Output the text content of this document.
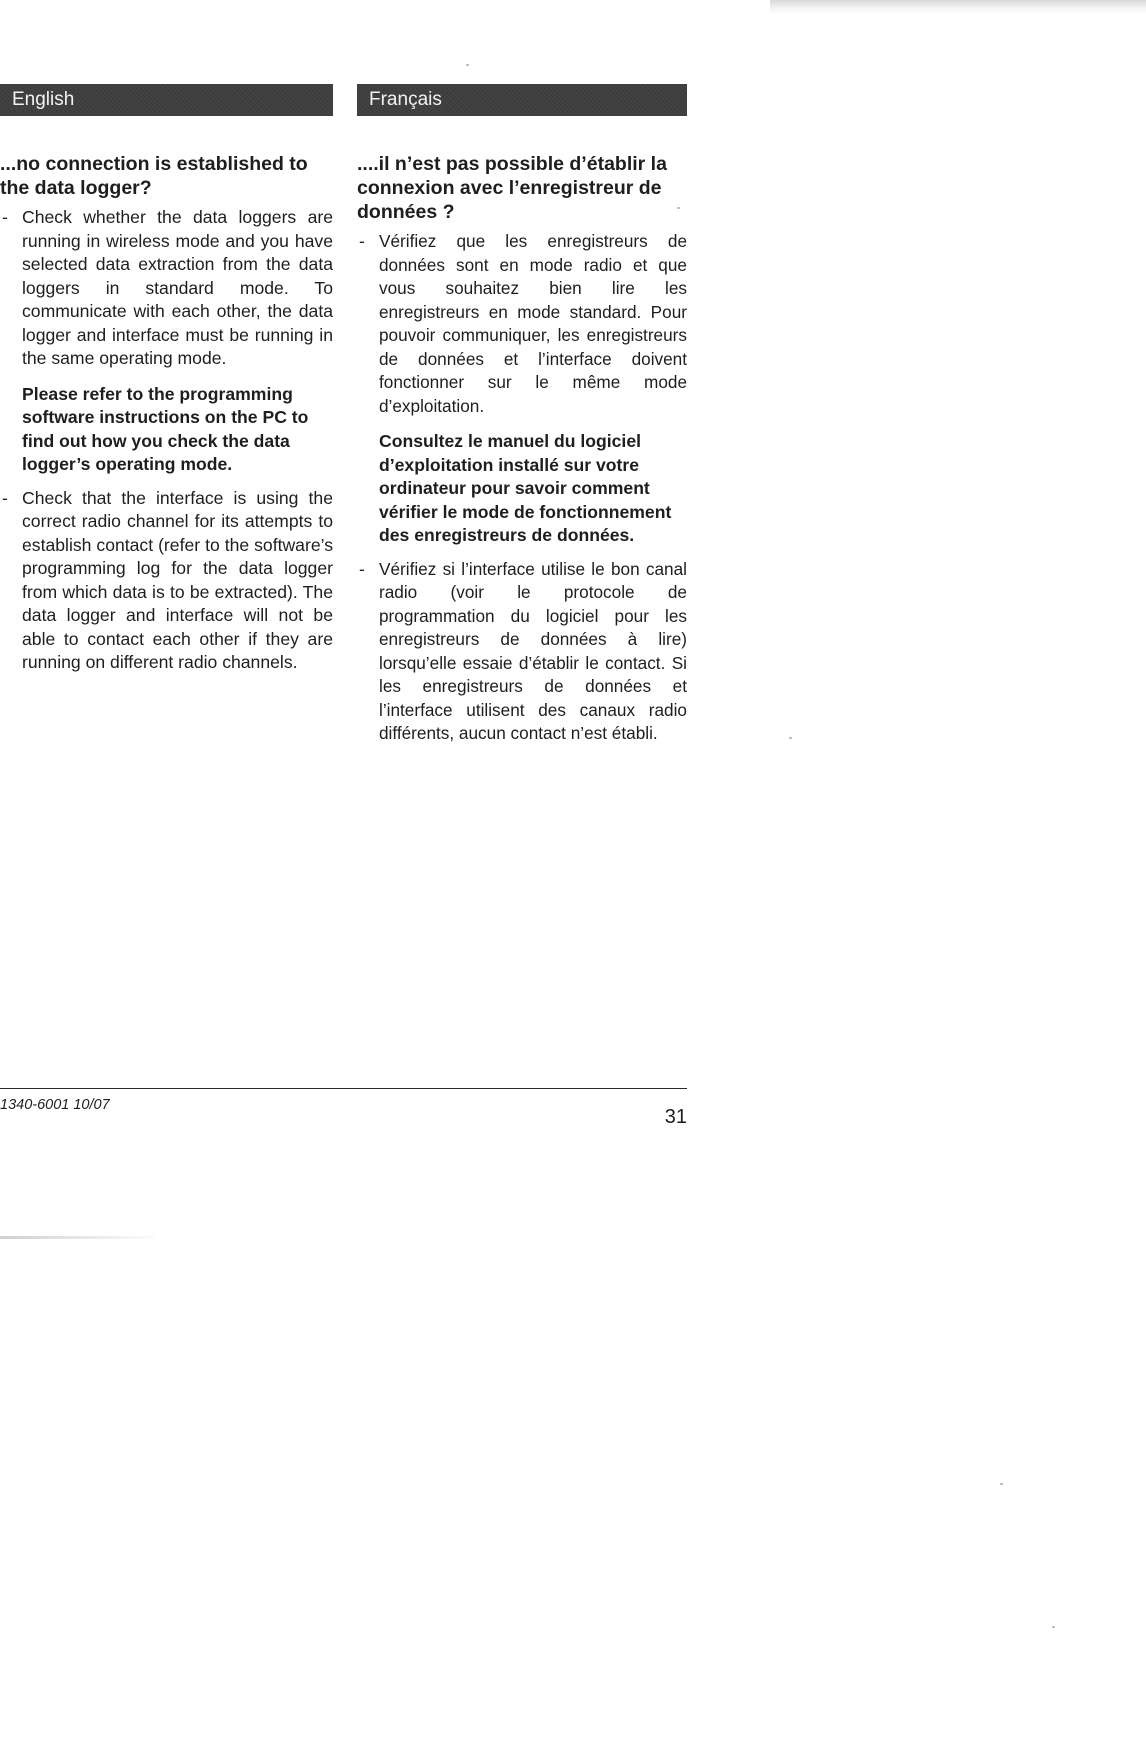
English
...no connection is established to the data logger?
- Check whether the data loggers are running in wireless mode and you have selected data extraction from the data loggers in standard mode. To communicate with each other, the data logger and interface must be running in the same operating mode.
Please refer to the programming software instructions on the PC to find out how you check the data logger’s operating mode.
- Check that the interface is using the correct radio channel for its attempts to establish contact (refer to the software’s programming log for the data logger from which data is to be extracted). The data logger and interface will not be able to contact each other if they are running on different radio channels.
Français
....il n’est pas possible d’établir la connexion avec l’enregistreur de données ?
- Vérifiez que les enregistreurs de données sont en mode radio et que vous souhaitez bien lire les enregistreurs en mode standard. Pour pouvoir communiquer, les enregistreurs de données et l’interface doivent fonctionner sur le même mode d’exploitation.
Consultez le manuel du logiciel d’exploitation installé sur votre ordinateur pour savoir comment vérifier le mode de fonctionnement des enregistreurs de données.
- Vérifiez si l’interface utilise le bon canal radio (voir le protocole de programmation du logiciel pour les enregistreurs de données à lire) lorsqu’elle essaie d’établir le contact. Si les enregistreurs de données et l’interface utilisent des canaux radio différents, aucun contact n’est établi.
1340-6001 10/07
31
